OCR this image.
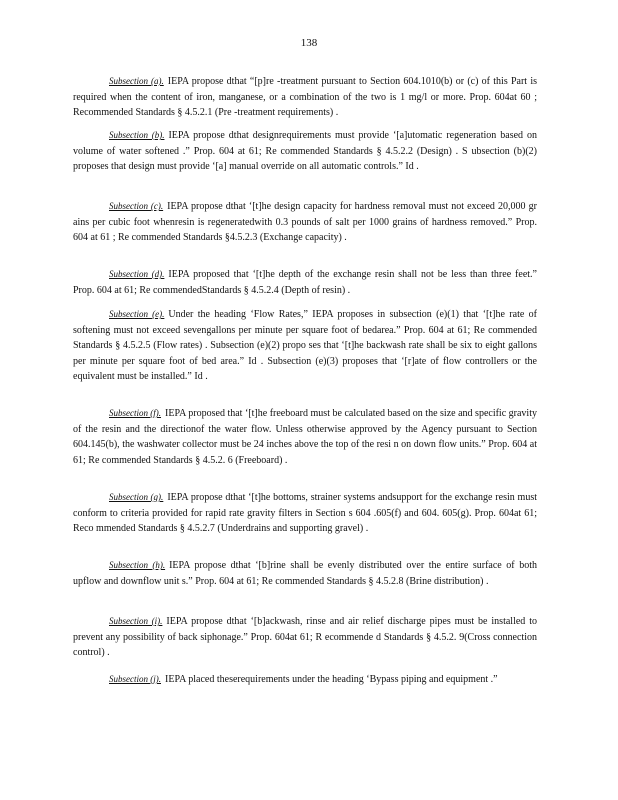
138

Subsection (a). IEPA propose dthat “[p]re -treatment pursuant to Section 604.1010(b) or (c) of this Part is required when the content of iron, manganese, or a combination of the two is 1 mg/l or more. Prop. 604at 60 ; Recommended Standards § 4.5.2.1 (Pre -treatment requirements) .

Subsection (b). IEPA propose dthat designrequirements must provide ‘[a]utomatic regeneration based on volume of water softened .” Prop. 604 at 61; Re commended Standards § 4.5.2.2 (Design) . S ubsection (b)(2) proposes that design must provide ‘[a] manual override on all automatic controls.” Id .

Subsection (c). IEPA propose dthat ‘[t]he design capacity for hardness removal must not exceed 20,000 gr ains per cubic foot whenresin is regeneratedwith 0.3 pounds of salt per 1000 grains of hardness removed.” Prop. 604 at 61 ; Re commended Standards §4.5.2.3 (Exchange capacity) .

Subsection (d). IEPA proposed that ‘[t]he depth of the exchange resin shall not be less than three feet.” Prop. 604 at 61; Re commendedStandards § 4.5.2.4 (Depth of resin) .

Subsection (e). Under the heading ‘Flow Rates,” IEPA proposes in subsection (e)(1) that ‘[t]he rate of softening must not exceed sevengallons per minute per square foot of bedarea.” Prop. 604 at 61; Re commended Standards § 4.5.2.5 (Flow rates) . Subsection (e)(2) propo ses that ‘[t]he backwash rate shall be six to eight gallons per minute per square foot of bed area.” Id . Subsection (e)(3) proposes that ‘[r]ate of flow controllers or the equivalent must be installed.” Id .

Subsection (f). IEPA proposed that ‘[t]he freeboard must be calculated based on the size and specific gravity of the resin and the directionof the water flow. Unless otherwise approved by the Agency pursuant to Section 604.145(b), the washwater collector must be 24 inches above the top of the resi n on down flow units.” Prop. 604 at 61; Re commended Standards § 4.5.2. 6 (Freeboard) .

Subsection (g). IEPA propose dthat ‘[t]he bottoms, strainer systems andsupport for the exchange resin must conform to criteria provided for rapid rate gravity filters in Section s 604 .605(f) and 604. 605(g). Prop. 604at 61; Reco mmended Standards § 4.5.2.7 (Underdrains and supporting gravel) .

Subsection (h). IEPA propose dthat ‘[b]rine shall be evenly distributed over the entire surface of both upflow and downflow unit s.” Prop. 604 at 61; Re commended Standards § 4.5.2.8 (Brine distribution) .

Subsection (i). IEPA propose dthat ‘[b]ackwash, rinse and air relief discharge pipes must be installed to prevent any possibility of back siphonage.” Prop. 604at 61; R ecommende d Standards § 4.5.2. 9(Cross connection control) .

Subsection (j). IEPA placed theserequirements under the heading ‘Bypass piping and equipment .”
